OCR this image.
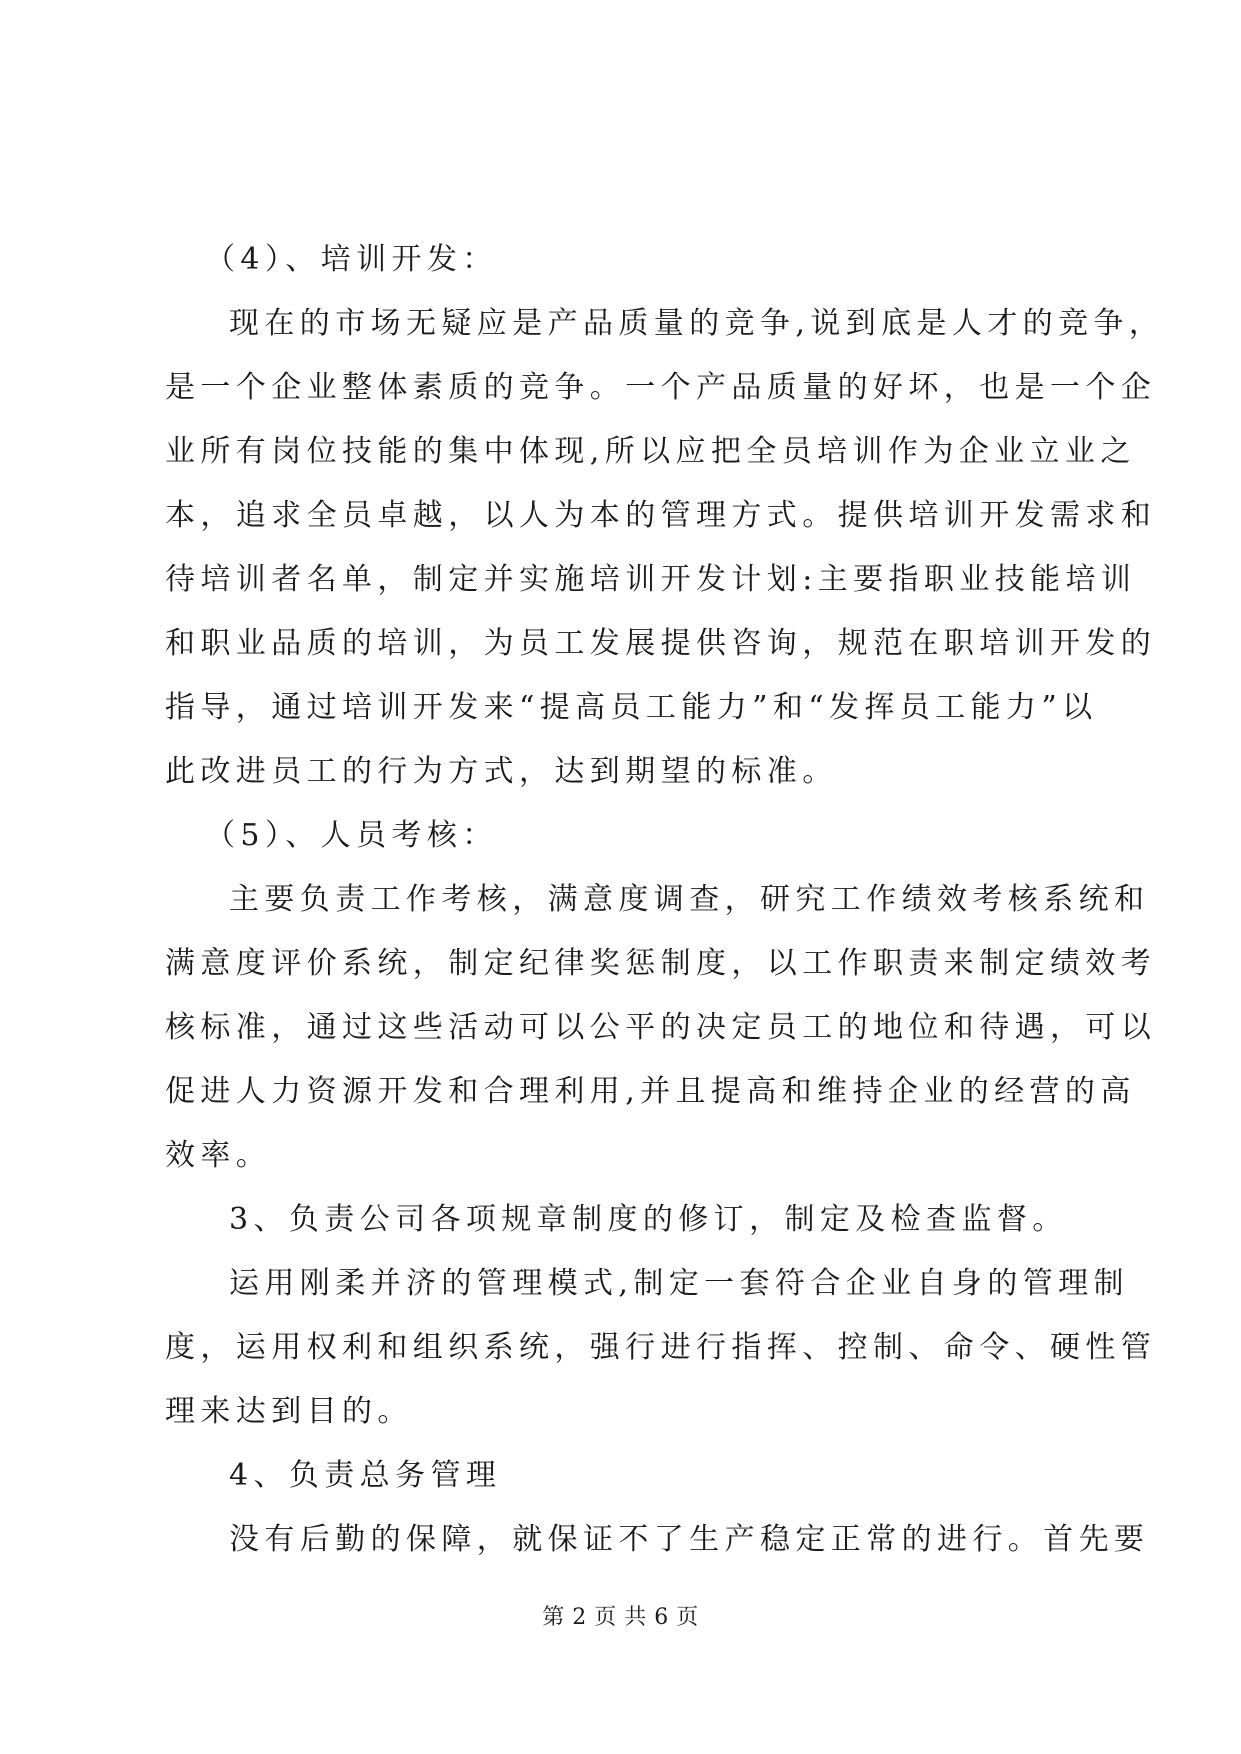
（4）、培训开发：
现在的市场无疑应是产品质量的竞争,说到底是人才的竞争，
是一个企业整体素质的竞争。一个产品质量的好坏，也是一个企
业所有岗位技能的集中体现,所以应把全员培训作为企业立业之
本，追求全员卓越，以人为本的管理方式。提供培训开发需求和
待培训者名单，制定并实施培训开发计划:主要指职业技能培训
和职业品质的培训，为员工发展提供咨询，规范在职培训开发的
指导，通过培训开发来“提高员工能力”和“发挥员工能力”以
此改进员工的行为方式，达到期望的标准。
（5）、人员考核：
主要负责工作考核，满意度调查，研究工作绩效考核系统和
满意度评价系统，制定纪律奖惩制度，以工作职责来制定绩效考
核标准，通过这些活动可以公平的决定员工的地位和待遇，可以
促进人力资源开发和合理利用,并且提高和维持企业的经营的高
效率。
3、负责公司各项规章制度的修订，制定及检查监督。
运用刚柔并济的管理模式,制定一套符合企业自身的管理制
度，运用权利和组织系统，强行进行指挥、控制、命令、硬性管
理来达到目的。
4、负责总务管理
没有后勤的保障，就保证不了生产稳定正常的进行。首先要
第 2 页 共 6 页
